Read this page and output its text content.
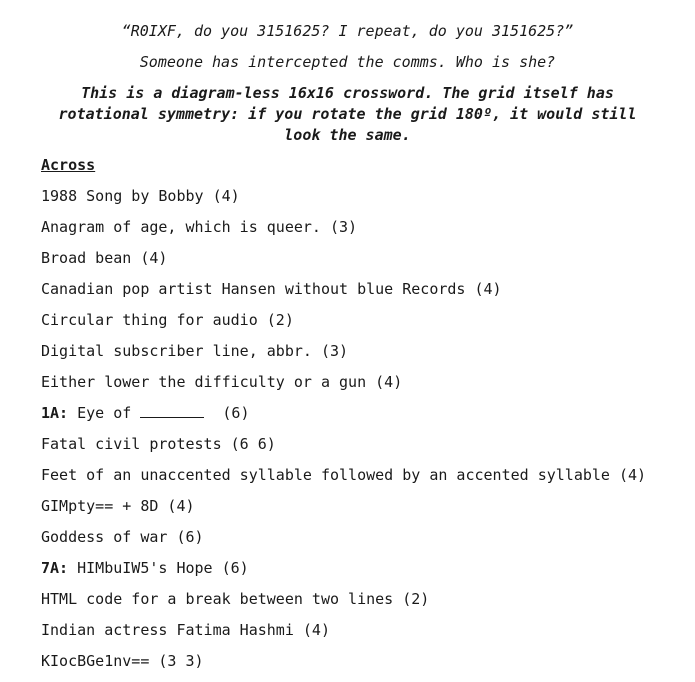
“R0IXF, do you 3151625? I repeat, do you 3151625?”
Someone has intercepted the comms. Who is she?
This is a diagram-less 16x16 crossword. The grid itself has
rotational symmetry: if you rotate the grid 180º, it would still
look the same.
Across
1988 Song by Bobby (4)
Anagram of age, which is queer. (3)
Broad bean (4)
Canadian pop artist Hansen without blue Records (4)
Circular thing for audio (2)
Digital subscriber line, abbr. (3)
Either lower the difficulty or a gun (4)
1A: Eye of	(6)
Fatal civil protests (6 6)
Feet of an unaccented syllable followed by an accented syllable (4)
GIMpty== + 8D (4)
Goddess of war (6)
7A: HIMbuIW5's Hope (6)
HTML code for a break between two lines (2)
Indian actress Fatima Hashmi (4)
KIocBGe1nv== (3 3)
